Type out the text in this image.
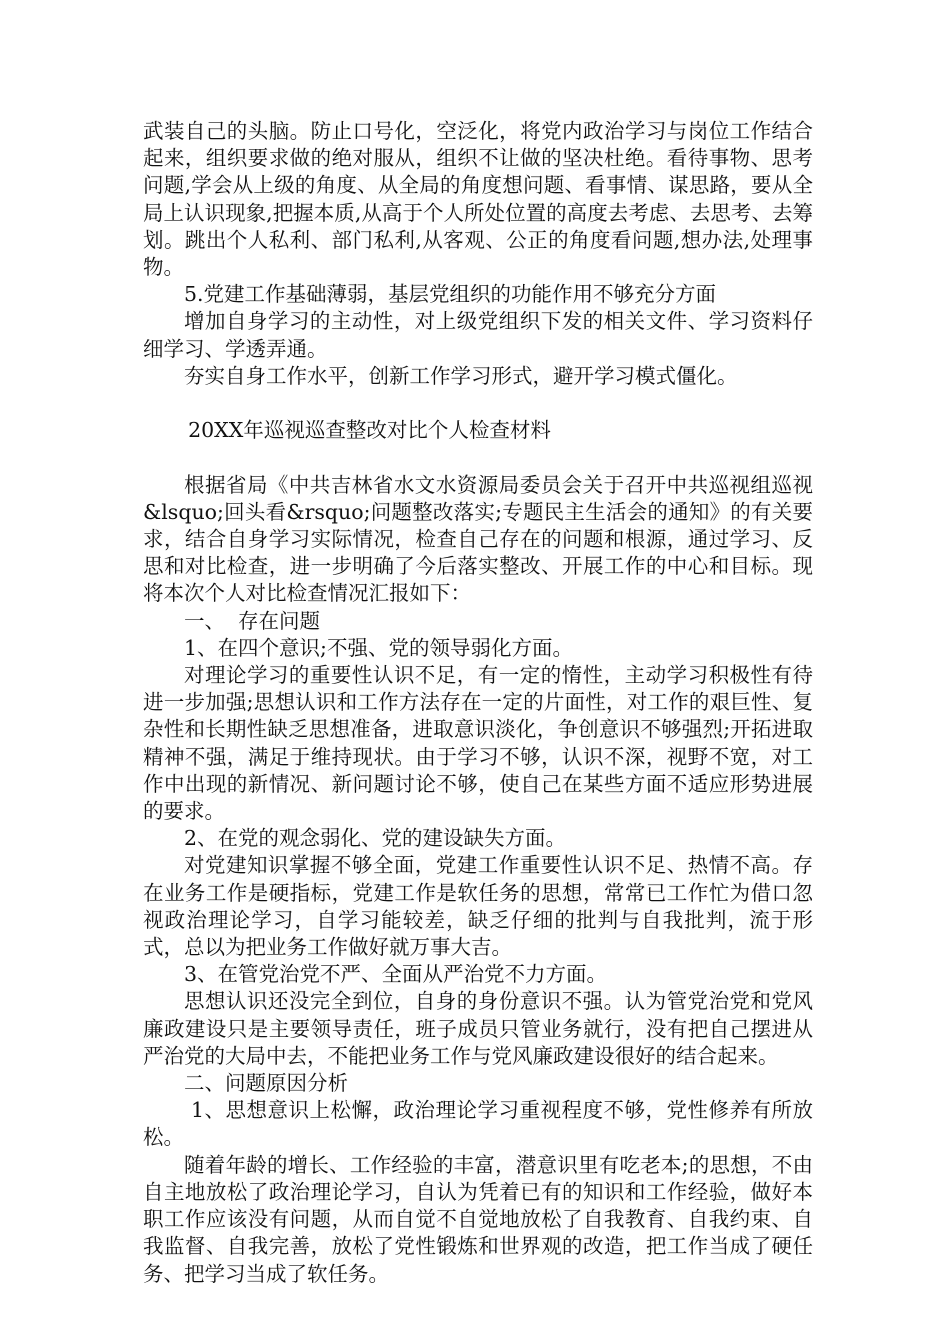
武装自己的头脑。防止口号化，空泛化，将党内政治学习与岗位工作结合起来，组织要求做的绝对服从，组织不让做的坚决杜绝。看待事物、思考问题,学会从上级的角度、从全局的角度想问题、看事情、谋思路，要从全局上认识现象,把握本质,从高于个人所处位置的高度去考虑、去思考、去筹划。跳出个人私利、部门私利,从客观、公正的角度看问题,想办法,处理事物。

5.党建工作基础薄弱，基层党组织的功能作用不够充分方面

增加自身学习的主动性，对上级党组织下发的相关文件、学习资料仔细学习、学透弄通。

夯实自身工作水平，创新工作学习形式，避开学习模式僵化。

20XX年巡视巡查整改对比个人检查材料

根据省局《中共吉林省水文水资源局委员会关于召开中共巡视组巡视&lsquo;回头看&rsquo;问题整改落实;专题民主生活会的通知》的有关要求，结合自身学习实际情况，检查自己存在的问题和根源，通过学习、反思和对比检查，进一步明确了今后落实整改、开展工作的中心和目标。现将本次个人对比检查情况汇报如下：

一、  存在问题

1、在四个意识;不强、党的领导弱化方面。

对理论学习的重要性认识不足，有一定的惰性，主动学习积极性有待进一步加强;思想认识和工作方法存在一定的片面性，对工作的艰巨性、复杂性和长期性缺乏思想准备，进取意识淡化，争创意识不够强烈;开拓进取精神不强，满足于维持现状。由于学习不够，认识不深，视野不宽，对工作中出现的新情况、新问题讨论不够，使自己在某些方面不适应形势进展的要求。

2、在党的观念弱化、党的建设缺失方面。

对党建知识掌握不够全面，党建工作重要性认识不足、热情不高。存在业务工作是硬指标，党建工作是软任务的思想，常常已工作忙为借口忽视政治理论学习，自学习能较差，缺乏仔细的批判与自我批判，流于形式，总以为把业务工作做好就万事大吉。

3、在管党治党不严、全面从严治党不力方面。

思想认识还没完全到位，自身的身份意识不强。认为管党治党和党风廉政建设只是主要领导责任，班子成员只管业务就行，没有把自己摆进从严治党的大局中去，不能把业务工作与党风廉政建设很好的结合起来。

二、问题原因分析

1、思想意识上松懈，政治理论学习重视程度不够，党性修养有所放松。

随着年龄的增长、工作经验的丰富，潜意识里有吃老本;的思想，不由自主地放松了政治理论学习，自认为凭着已有的知识和工作经验，做好本职工作应该没有问题，从而自觉不自觉地放松了自我教育、自我约束、自我监督、自我完善，放松了党性锻炼和世界观的改造，把工作当成了硬任务、把学习当成了软任务。
